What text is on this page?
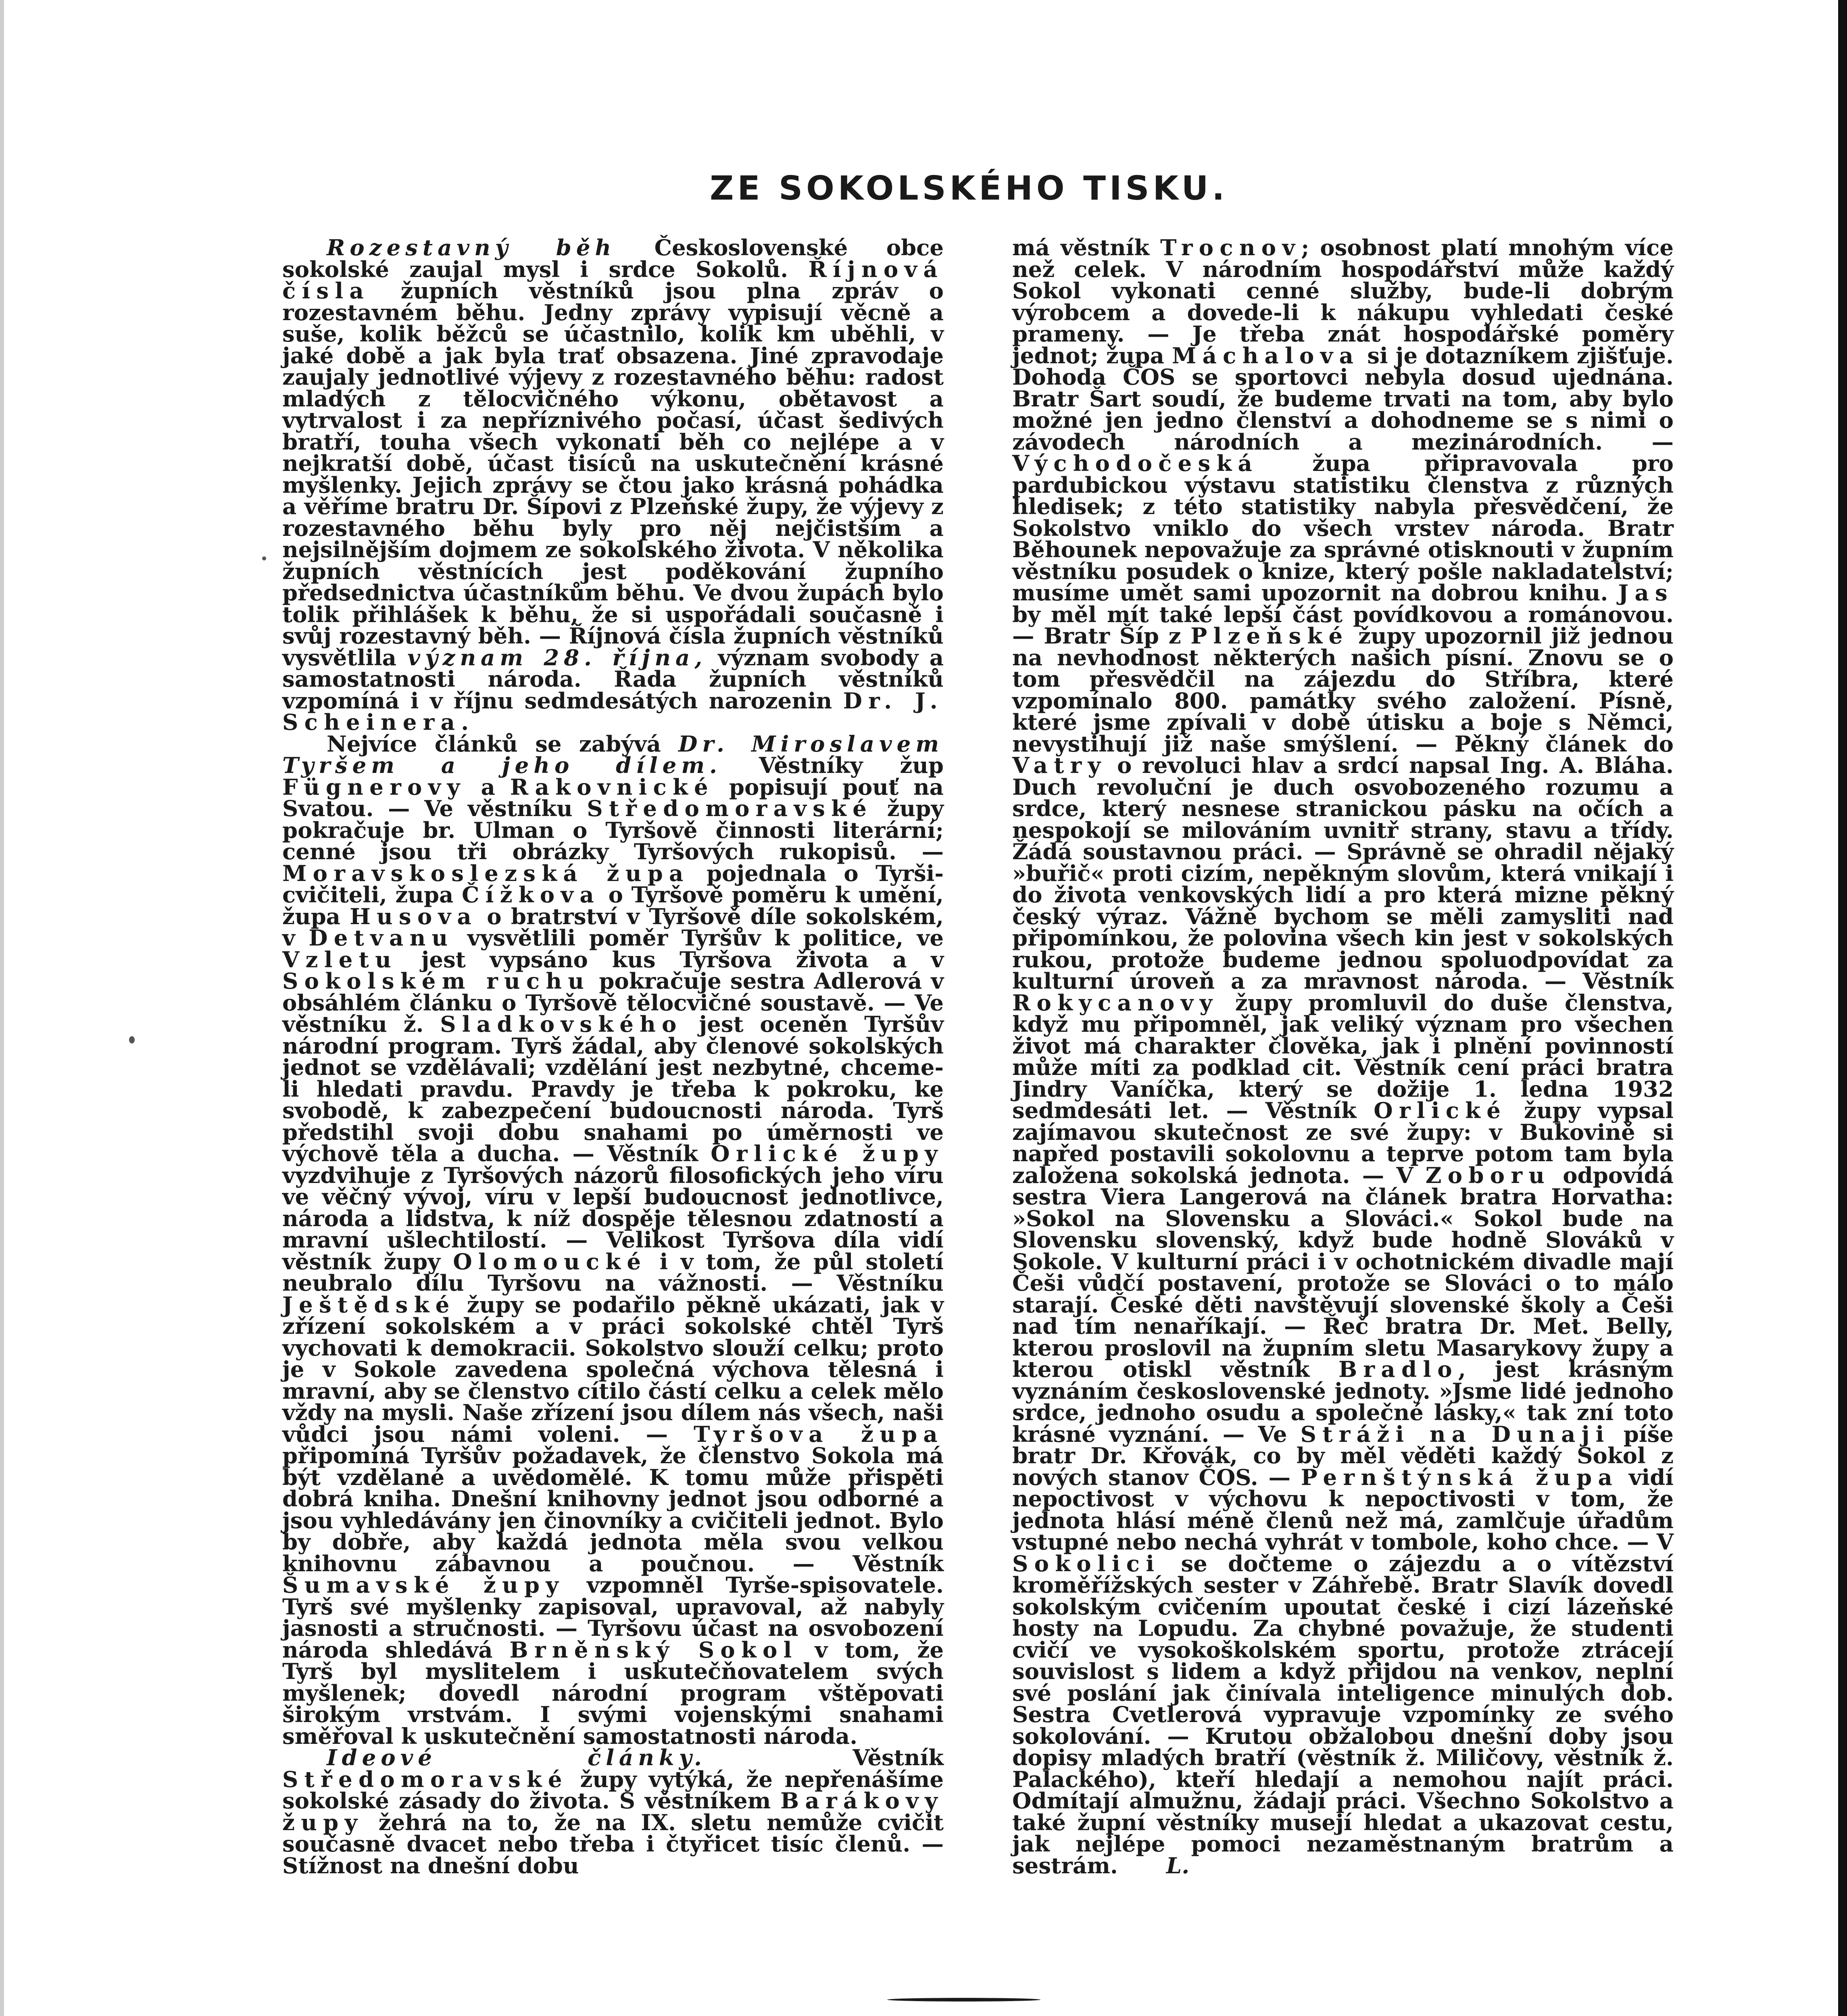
ZE SOKOLSKÉHO TISKU.

Rozestavný běh Československé obce sokolské zaujal mysl i srdce Sokolů. Říjnová čísla župních věstníků jsou plna zpráv o rozestavném běhu. Jedny zprávy vypisují věcně a suše, kolik běžců se účastnilo, kolik km uběhli, v jaké době a jak byla trať obsazena. Jiné zpravodaje zaujaly jednotlivé výjevy z rozestavného běhu: radost mladých z tělocvičného výkonu, obětavost a vytrvalost i za nepříznivého počasí, účast šedivých bratří, touha všech vykonati běh co nejlépe a v nejkratší době, účast tisíců na uskutečnění krásné myšlenky. Jejich zprávy se čtou jako krásná pohádka a věříme bratru Dr. Šípovi z Plzeňské župy, že výjevy z rozestavného běhu byly pro něj nejčistším a nejsilnějším dojmem ze sokolského života. V několika župních věstnících jest poděkování župního předsednictva účastníkům běhu. Ve dvou župách bylo tolik přihlášek k běhu, že si uspořádali současně i svůj rozestavný běh. — Říjnová čísla župních věstníků vysvětlila význam 28. října, význam svobody a samostatnosti národa. Řada župních věstníků vzpomíná i v říjnu sedmdesátých narozenin Dr. J. Scheinera.

Nejvíce článků se zabývá Dr. Miroslavem Tyršem a jeho dílem. Věstníky žup Fügnerovy a Rakovnické popisují pouť na Svatou. — Ve věstníku Středomoravské župy pokračuje br. Ulman o Tyršově činnosti literární; cenné jsou tři obrázky Tyršových rukopisů. — Moravskoslezská župa pojednala o Tyrši-cvičiteli, župa Čížkova o Tyršově poměru k umění, župa Husova o bratrství v Tyršově díle sokolském, v Detvanu vysvětlili poměr Tyršův k politice, ve Vzletu jest vypsáno kus Tyršova života a v Sokolském ruchu pokračuje sestra Adlerová v obsáhlém článku o Tyršově tělocvičné soustavě. — Ve věstníku ž. Sladkovského jest oceněn Tyršův národní program. Tyrš žádal, aby členové sokolských jednot se vzdělávali; vzdělání jest nezbytné, chceme-li hledati pravdu. Pravdy je třeba k pokroku, ke svobodě, k zabezpečení budoucnosti národa. Tyrš předstihl svoji dobu snahami po úměrnosti ve výchově těla a ducha. — Věstník Orlické župy vyzdvihuje z Tyršových názorů filosofických jeho víru ve věčný vývoj, víru v lepší budoucnost jednotlivce, národa a lidstva, k níž dospěje tělesnou zdatností a mravní ušlechtilostí. — Velikost Tyršova díla vidí věstník župy Olomoucké i v tom, že půl století neubralo dílu Tyršovu na vážnosti. — Věstníku Ještědské župy se podařilo pěkně ukázati, jak v zřízení sokolském a v práci sokolské chtěl Tyrš vychovati k demokracii. Sokolstvo slouží celku; proto je v Sokole zavedena společná výchova tělesná i mravní, aby se členstvo cítilo částí celku a celek mělo vždy na mysli. Naše zřízení jsou dílem nás všech, naši vůdci jsou námi voleni. — Tyršova župa připomíná Tyršův požadavek, že členstvo Sokola má být vzdělané a uvědomělé. K tomu může přispěti dobrá kniha. Dnešní knihovny jednot jsou odborné a jsou vyhledávány jen činovníky a cvičiteli jednot. Bylo by dobře, aby každá jednota měla svou velkou knihovnu zábavnou a poučnou. — Věstník Šumavské župy vzpomněl Tyrše-spisovatele. Tyrš své myšlenky zapisoval, upravoval, až nabyly jasnosti a stručnosti. — Tyršovu účast na osvobození národa shledává Brněnský Sokol v tom, že Tyrš byl myslitelem i uskutečňovatelem svých myšlenek; dovedl národní program vštěpovati širokým vrstvám. I svými vojenskými snahami směřoval k uskutečnění samostatnosti národa.

Ideové články. Věstník Středomoravské župy vytýká, že nepřenášíme sokolské zásady do života. S věstníkem Barákovy župy žehrá na to, že na IX. sletu nemůže cvičit současně dvacet nebo třeba i čtyřicet tisíc členů. — Stížnost na dnešní dobu

má věstník Trocnov; osobnost platí mnohým více než celek. V národním hospodářství může každý Sokol vykonati cenné služby, bude-li dobrým výrobcem a dovede-li k nákupu vyhledati české prameny. — Je třeba znát hospodářské poměry jednot; župa Máchalova si je dotazníkem zjišťuje. Dohoda ČOS se sportovci nebyla dosud ujednána. Bratr Šart soudí, že budeme trvati na tom, aby bylo možné jen jedno členství a dohodneme se s nimi o závodech národních a mezinárodních. — Východočeská župa připravovala pro pardubickou výstavu statistiku členstva z různých hledisek; z této statistiky nabyla přesvědčení, že Sokolstvo vniklo do všech vrstev národa. Bratr Běhounek nepovažuje za správné otisknouti v župním věstníku posudek o knize, který pošle nakladatelství; musíme umět sami upozornit na dobrou knihu. Jas by měl mít také lepší část povídkovou a románovou. — Bratr Šíp z Plzeňské župy upozornil již jednou na nevhodnost některých našich písní. Znovu se o tom přesvědčil na zájezdu do Stříbra, které vzpomínalo 800. památky svého založení. Písně, které jsme zpívali v době útisku a boje s Němci, nevystihují již naše smýšlení. — Pěkný článek do Vatry o revoluci hlav a srdcí napsal Ing. A. Bláha. Duch revoluční je duch osvobozeného rozumu a srdce, který nesnese stranickou pásku na očích a nespokojí se milováním uvnitř strany, stavu a třídy. Žádá soustavnou práci. — Správně se ohradil nějaký »buřič« proti cizím, nepěkným slovům, která vnikají i do života venkovských lidí a pro která mizne pěkný český výraz. Vážně bychom se měli zamysliti nad připomínkou, že polovina všech kin jest v sokolských rukou, protože budeme jednou spoluodpovídat za kulturní úroveň a za mravnost národa. — Věstník Rokycanovy župy promluvil do duše členstva, když mu připomněl, jak veliký význam pro všechen život má charakter člověka, jak i plnění povinností může míti za podklad cit. Věstník cení práci bratra Jindry Vaníčka, který se dožije 1. ledna 1932 sedmdesáti let. — Věstník Orlické župy vypsal zajímavou skutečnost ze své župy: v Bukovině si napřed postavili sokolovnu a teprve potom tam byla založena sokolská jednota. — V Zoboru odpovídá sestra Viera Langerová na článek bratra Horvatha: »Sokol na Slovensku a Slováci.« Sokol bude na Slovensku slovenský, když bude hodně Slováků v Sokole. V kulturní práci i v ochotnickém divadle mají Češi vůdčí postavení, protože se Slováci o to málo starají. České děti navštěvují slovenské školy a Češi nad tím nenaříkají. — Řeč bratra Dr. Met. Belly, kterou proslovil na župním sletu Masarykovy župy a kterou otiskl věstník Bradlo, jest krásným vyznáním československé jednoty. »Jsme lidé jednoho srdce, jednoho osudu a společné lásky,« tak zní toto krásné vyznání. — Ve Stráži na Dunaji píše bratr Dr. Křovák, co by měl věděti každý Sokol z nových stanov ČOS. — Pernštýnská župa vidí nepoctivost v výchovu k nepoctivosti v tom, že jednota hlásí méně členů než má, zamlčuje úřadům vstupné nebo nechá vyhrát v tombole, koho chce. — V Sokolici se dočteme o zájezdu a o vítězství kroměřížských sester v Záhřebě. Bratr Slavík dovedl sokolským cvičením upoutat české i cizí lázeňské hosty na Lopudu. Za chybné považuje, že studenti cvičí ve vysokoškolském sportu, protože ztrácejí souvislost s lidem a když přijdou na venkov, neplní své poslání jak činívala inteligence minulých dob. Sestra Cvetlerová vypravuje vzpomínky ze svého sokolování. — Krutou obžalobou dnešní doby jsou dopisy mladých bratří (věstník ž. Miličovy, věstník ž. Palackého), kteří hledají a nemohou najít práci. Odmítají almužnu, žádají práci. Všechno Sokolstvo a také župní věstníky musejí hledat a ukazovat cestu, jak nejlépe pomoci nezaměstnaným bratrům a sestrám. L.
